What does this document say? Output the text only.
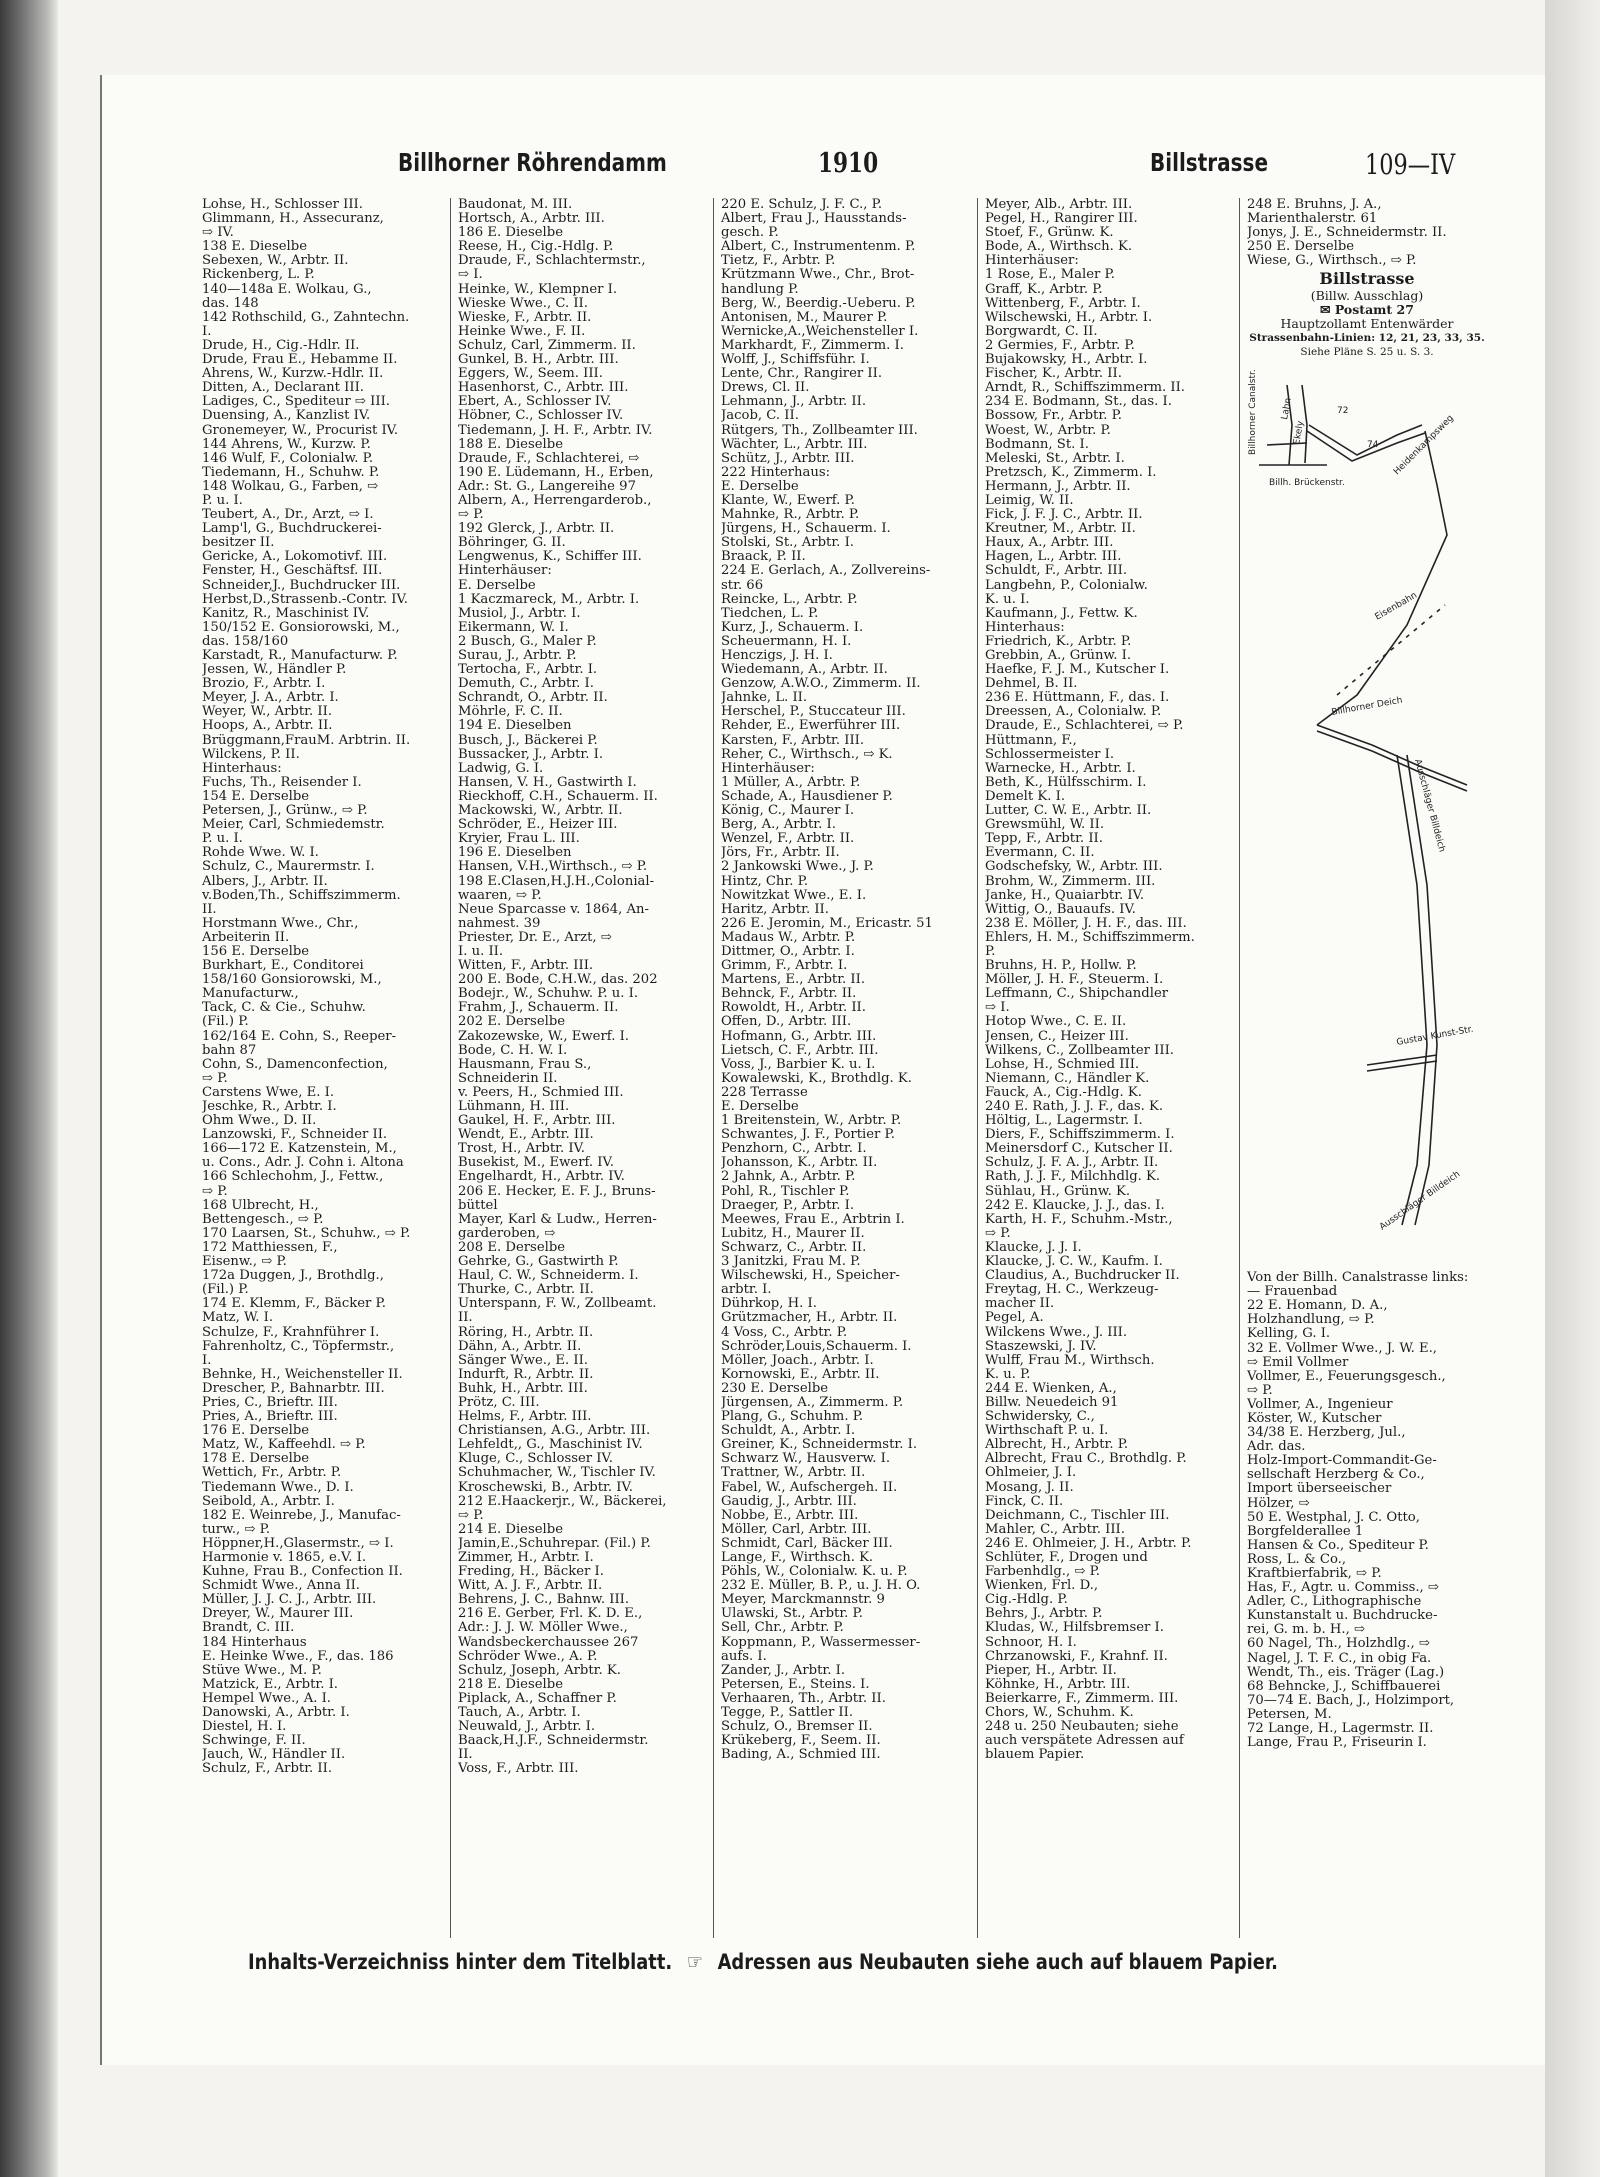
Billhorner Röhrendamm	1910	Billstrasse	109—IV
Lohse, H., Schlosser III.
Glimmann, H., Assecuranz,
⇨ IV.
138 E. Dieselbe
Sebexen, W., Arbtr. II.
Rickenberg, L. P.
140—148a E. Wolkau, G.,
das. 148
142 Rothschild, G., Zahntechn.
I.
Drude, H., Cig.-Hdlr. II.
Drude, Frau E., Hebamme II.
Ahrens, W., Kurzw.-Hdlr. II.
Ditten, A., Declarant III.
Ladiges, C., Spediteur ⇨ III.
Duensing, A., Kanzlist IV.
Gronemeyer, W., Procurist IV.
144 Ahrens, W., Kurzw. P.
146 Wulf, F., Colonialw. P.
Tiedemann, H., Schuhw. P.
148 Wolkau, G., Farben, ⇨
P. u. I.
Teubert, A., Dr., Arzt, ⇨ I.
Lamp'l, G., Buchdruckerei-
besitzer II.
Gericke, A., Lokomotivf. III.
Fenster, H., Geschäftsf. III.
Schneider,J., Buchdrucker III.
Herbst,D.,Strassenb.-Contr. IV.
Kanitz, R., Maschinist IV.
150/152 E. Gonsiorowski, M.,
das. 158/160
Karstadt, R., Manufacturw. P.
Jessen, W., Händler P.
Brozio, F., Arbtr. I.
Meyer, J. A., Arbtr. I.
Weyer, W., Arbtr. II.
Hoops, A., Arbtr. II.
Brüggmann,FrauM. Arbtrin. II.
Wilckens, P. II.
Hinterhaus:
Fuchs, Th., Reisender I.
154 E. Derselbe
Petersen, J., Grünw., ⇨ P.
Meier, Carl, Schmiedemstr.
P. u. I.
Rohde Wwe. W. I.
Schulz, C., Maurermstr. I.
Albers, J., Arbtr. II.
v.Boden,Th., Schiffszimmerm.
II.
Horstmann Wwe., Chr.,
Arbeiterin II.
156 E. Derselbe
Burkhart, E., Conditorei
158/160 Gonsiorowski, M.,
Manufacturw.,
Tack, C. & Cie., Schuhw.
(Fil.) P.
162/164 E. Cohn, S., Reeper-
bahn 87
Cohn, S., Damenconfection,
⇨ P.
Carstens Wwe, E. I.
Jeschke, R., Arbtr. I.
Ohm Wwe., D. II.
Lanzowski, F., Schneider II.
166—172 E. Katzenstein, M.,
u. Cons., Adr. J. Cohn i. Altona
166 Schlechohm, J., Fettw.,
⇨ P.
168 Ulbrecht, H.,
Bettengesch., ⇨ P.
170 Laarsen, St., Schuhw., ⇨ P.
172 Matthiessen, F.,
Eisenw., ⇨ P.
172a Duggen, J., Brothdlg.,
(Fil.) P.
174 E. Klemm, F., Bäcker P.
Matz, W. I.
Schulze, F., Krahnführer I.
Fahrenholtz, C., Töpfermstr.,
I.
Behnke, H., Weichensteller II.
Drescher, P., Bahnarbtr. III.
Pries, C., Brieftr. III.
Pries, A., Brieftr. III.
176 E. Derselbe
Matz, W., Kaffeehdl. ⇨ P.
178 E. Derselbe
Wettich, Fr., Arbtr. P.
Tiedemann Wwe., D. I.
Seibold, A., Arbtr. I.
182 E. Weinrebe, J., Manufac-
turw., ⇨ P.
Höppner,H.,Glasermstr., ⇨ I.
Harmonie v. 1865, e.V. I.
Kuhne, Frau B., Confection II.
Schmidt Wwe., Anna II.
Müller, J. J. C. J., Arbtr. III.
Dreyer, W., Maurer III.
Brandt, C. III.
184 Hinterhaus
E. Heinke Wwe., F., das. 186
Stüve Wwe., M. P.
Matzick, E., Arbtr. I.
Hempel Wwe., A. I.
Danowski, A., Arbtr. I.
Diestel, H. I.
Schwinge, F. II.
Jauch, W., Händler II.
Schulz, F., Arbtr. II.
Baudonat, M. III.
Hortsch, A., Arbtr. III.
186 E. Dieselbe
Reese, H., Cig.-Hdlg. P.
Draude, F., Schlachtermstr.,
⇨ I.
Heinke, W., Klempner I.
Wieske Wwe., C. II.
Wieske, F., Arbtr. II.
Heinke Wwe., F. II.
Schulz, Carl, Zimmerm. II.
Gunkel, B. H., Arbtr. III.
Eggers, W., Seem. III.
Hasenhorst, C., Arbtr. III.
Ebert, A., Schlosser IV.
Höbner, C., Schlosser IV.
Tiedemann, J. H. F., Arbtr. IV.
188 E. Dieselbe
Draude, F., Schlachterei, ⇨
190 E. Lüdemann, H., Erben,
Adr.: St. G., Langereihe 97
Albern, A., Herrengarderob.,
⇨ P.
192 Glerck, J., Arbtr. II.
Böhringer, G. II.
Lengwenus, K., Schiffer III.
Hinterhäuser:
E. Derselbe
1 Kaczmareck, M., Arbtr. I.
Musiol, J., Arbtr. I.
Eikermann, W. I.
2 Busch, G., Maler P.
Surau, J., Arbtr. P.
Tertocha, F., Arbtr. I.
Demuth, C., Arbtr. I.
Schrandt, O., Arbtr. II.
Möhrle, F. C. II.
194 E. Dieselben
Busch, J., Bäckerei P.
Bussacker, J., Arbtr. I.
Ladwig, G. I.
Hansen, V. H., Gastwirth I.
Rieckhoff, C.H., Schauerm. II.
Mackowski, W., Arbtr. II.
Schröder, E., Heizer III.
Kryier, Frau L. III.
196 E. Dieselben
Hansen, V.H.,Wirthsch., ⇨ P.
198 E.Clasen,H.J.H.,Colonial-
waaren, ⇨ P.
Neue Sparcasse v. 1864, An-
nahmest. 39
Priester, Dr. E., Arzt, ⇨
I. u. II.
Witten, F., Arbtr. III.
200 E. Bode, C.H.W., das. 202
Bodejr., W., Schuhw. P. u. I.
Frahm, J., Schauerm. II.
202 E. Derselbe
Zakozewske, W., Ewerf. I.
Bode, C. H. W. I.
Hausmann, Frau S.,
Schneiderin II.
v. Peers, H., Schmied III.
Lühmann, H. III.
Gaukel, H. F., Arbtr. III.
Wendt, E., Arbtr. III.
Trost, H., Arbtr. IV.
Busekist, M., Ewerf. IV.
Engelhardt, H., Arbtr. IV.
206 E. Hecker, E. F. J., Bruns-
büttel
Mayer, Karl & Ludw., Herren-
garderoben, ⇨
208 E. Derselbe
Gehrke, G., Gastwirth P.
Haul, C. W., Schneiderm. I.
Thurke, C., Arbtr. II.
Unterspann, F. W., Zollbeamt.
II.
Röring, H., Arbtr. II.
Dähn, A., Arbtr. II.
Sänger Wwe., E. II.
Indurft, R., Arbtr. II.
Buhk, H., Arbtr. III.
Prötz, C. III.
Helms, F., Arbtr. III.
Christiansen, A.G., Arbtr. III.
Lehfeldt,, G., Maschinist IV.
Kluge, C., Schlosser IV.
Schuhmacher, W., Tischler IV.
Kroschewski, B., Arbtr. IV.
212 E.Haackerjr., W., Bäckerei,
⇨ P.
214 E. Dieselbe
Jamin,E.,Schuhrepar. (Fil.) P.
Zimmer, H., Arbtr. I.
Freding, H., Bäcker I.
Witt, A. J. F., Arbtr. II.
Behrens, J. C., Bahnw. III.
216 E. Gerber, Frl. K. D. E.,
Adr.: J. J. W. Möller Wwe.,
Wandsbeckerchaussee 267
Schröder Wwe., A. P.
Schulz, Joseph, Arbtr. K.
218 E. Dieselbe
Piplack, A., Schaffner P.
Tauch, A., Arbtr. I.
Neuwald, J., Arbtr. I.
Baack,H.J.F., Schneidermstr.
II.
Voss, F., Arbtr. III.
220 E. Schulz, J. F. C., P.
Albert, Frau J., Hausstands-
gesch. P.
Albert, C., Instrumentenm. P.
Tietz, F., Arbtr. P.
Krützmann Wwe., Chr., Brot-
handlung P.
Berg, W., Beerdig.-Ueberu. P.
Antonisen, M., Maurer P.
Wernicke,A.,Weichensteller I.
Markhardt, F., Zimmerm. I.
Wolff, J., Schiffsführ. I.
Lente, Chr., Rangirer II.
Drews, Cl. II.
Lehmann, J., Arbtr. II.
Jacob, C. II.
Rütgers, Th., Zollbeamter III.
Wächter, L., Arbtr. III.
Schütz, J., Arbtr. III.
222 Hinterhaus:
E. Derselbe
Klante, W., Ewerf. P.
Mahnke, R., Arbtr. P.
Jürgens, H., Schauerm. I.
Stolski, St., Arbtr. I.
Braack, P. II.
224 E. Gerlach, A., Zollvereins-
str. 66
Reincke, L., Arbtr. P.
Tiedchen, L. P.
Kurz, J., Schauerm. I.
Scheuermann, H. I.
Henczigs, J. H. I.
Wiedemann, A., Arbtr. II.
Genzow, A.W.O., Zimmerm. II.
Jahnke, L. II.
Herschel, P., Stuccateur III.
Rehder, E., Ewerführer III.
Karsten, F., Arbtr. III.
Reher, C., Wirthsch., ⇨ K.
Hinterhäuser:
1 Müller, A., Arbtr. P.
Schade, A., Hausdiener P.
König, C., Maurer I.
Berg, A., Arbtr. I.
Wenzel, F., Arbtr. II.
Jörs, Fr., Arbtr. II.
2 Jankowski Wwe., J. P.
Hintz, Chr. P.
Nowitzkat Wwe., E. I.
Haritz, Arbtr. II.
226 E. Jeromin, M., Ericastr. 51
Madaus W., Arbtr. P.
Dittmer, O., Arbtr. I.
Grimm, F., Arbtr. I.
Martens, E., Arbtr. II.
Behnck, F., Arbtr. II.
Rowoldt, H., Arbtr. II.
Offen, D., Arbtr. III.
Hofmann, G., Arbtr. III.
Lietsch, C. F., Arbtr. III.
Voss, J., Barbier K. u. I.
Kowalewski, K., Brothdlg. K.
228 Terrasse
E. Derselbe
1 Breitenstein, W., Arbtr. P.
Schwantes, J. F., Portier P.
Penzhorn, C., Arbtr. I.
Johansson, K., Arbtr. II.
2 Jahnk, A., Arbtr. P.
Pohl, R., Tischler P.
Draeger, P., Arbtr. I.
Meewes, Frau E., Arbtrin I.
Lubitz, H., Maurer II.
Schwarz, C., Arbtr. II.
3 Janitzki, Frau M. P.
Wilschewski, H., Speicher-
arbtr. I.
Dührkop, H. I.
Grützmacher, H., Arbtr. II.
4 Voss, C., Arbtr. P.
Schröder,Louis,Schauerm. I.
Möller, Joach., Arbtr. I.
Kornowski, E., Arbtr. II.
230 E. Derselbe
Jürgensen, A., Zimmerm. P.
Plang, G., Schuhm. P.
Schuldt, A., Arbtr. I.
Greiner, K., Schneidermstr. I.
Schwarz W., Hausverw. I.
Trattner, W., Arbtr. II.
Fabel, W., Aufschergeh. II.
Gaudig, J., Arbtr. III.
Nobbe, E., Arbtr. III.
Möller, Carl, Arbtr. III.
Schmidt, Carl, Bäcker III.
Lange, F., Wirthsch. K.
Pöhls, W., Colonialw. K. u. P.
232 E. Müller, B. P., u. J. H. O.
Meyer, Marckmannstr. 9
Ulawski, St., Arbtr. P.
Sell, Chr., Arbtr. P.
Koppmann, P., Wassermesser-
aufs. I.
Zander, J., Arbtr. I.
Petersen, E., Steins. I.
Verhaaren, Th., Arbtr. II.
Tegge, P., Sattler II.
Schulz, O., Bremser II.
Krükeberg, F., Seem. II.
Bading, A., Schmied III.
Meyer, Alb., Arbtr. III.
Pegel, H., Rangirer III.
Stoef, F., Grünw. K.
Bode, A., Wirthsch. K.
Hinterhäuser:
1 Rose, E., Maler P.
Graff, K., Arbtr. P.
Wittenberg, F., Arbtr. I.
Wilschewski, H., Arbtr. I.
Borgwardt, C. II.
2 Germies, F., Arbtr. P.
Bujakowsky, H., Arbtr. I.
Fischer, K., Arbtr. II.
Arndt, R., Schiffszimmerm. II.
234 E. Bodmann, St., das. I.
Bossow, Fr., Arbtr. P.
Woest, W., Arbtr. P.
Bodmann, St. I.
Meleski, St., Arbtr. I.
Pretzsch, K., Zimmerm. I.
Hermann, J., Arbtr. II.
Leimig, W. II.
Fick, J. F. J. C., Arbtr. II.
Kreutner, M., Arbtr. II.
Haux, A., Arbtr. III.
Hagen, L., Arbtr. III.
Schuldt, F., Arbtr. III.
Langbehn, P., Colonialw.
K. u. I.
Kaufmann, J., Fettw. K.
Hinterhaus:
Friedrich, K., Arbtr. P.
Grebbin, A., Grünw. I.
Haefke, F. J. M., Kutscher I.
Dehmel, B. II.
236 E. Hüttmann, F., das. I.
Dreessen, A., Colonialw. P.
Draude, E., Schlachterei, ⇨ P.
Hüttmann, F.,
Schlossermeister I.
Warnecke, H., Arbtr. I.
Beth, K., Hülfsschirm. I.
Demelt K. I.
Lutter, C. W. E., Arbtr. II.
Grewsmühl, W. II.
Tepp, F., Arbtr. II.
Evermann, C. II.
Godschefsky, W., Arbtr. III.
Brohm, W., Zimmerm. III.
Janke, H., Quaiarbtr. IV.
Wittig, O., Bauaufs. IV.
238 E. Möller, J. H. F., das. III.
Ehlers, H. M., Schiffszimmerm.
P.
Bruhns, H. P., Hollw. P.
Möller, J. H. F., Steuerm. I.
Leffmann, C., Shipchandler
⇨ I.
Hotop Wwe., C. E. II.
Jensen, C., Heizer III.
Wilkens, C., Zollbeamter III.
Lohse, H., Schmied III.
Niemann, C., Händler K.
Fauck, A., Cig.-Hdlg. K.
240 E. Rath, J. J. F., das. K.
Höltig, L., Lagermstr. I.
Diers, F., Schiffszimmerm. I.
Meinersdorf C., Kutscher II.
Schulz, J. F. A. J., Arbtr. II.
Rath, J. J. F., Milchhdlg. K.
Sühlau, H., Grünw. K.
242 E. Klaucke, J. J., das. I.
Karth, H. F., Schuhm.-Mstr.,
⇨ P.
Klaucke, J. J. I.
Klaucke, J. C. W., Kaufm. I.
Claudius, A., Buchdrucker II.
Freytag, H. C., Werkzeug-
macher II.
Pegel, A.
Wilckens Wwe., J. III.
Staszewski, J. IV.
Wulff, Frau M., Wirthsch.
K. u. P.
244 E. Wienken, A.,
Billw. Neuedeich 91
Schwidersky, C.,
Wirthschaft P. u. I.
Albrecht, H., Arbtr. P.
Albrecht, Frau C., Brothdlg. P.
Ohlmeier, J. I.
Mosang, J. II.
Finck, C. II.
Deichmann, C., Tischler III.
Mahler, C., Arbtr. III.
246 E. Ohlmeier, J. H., Arbtr. P.
Schlüter, F., Drogen und
Farbenhdlg., ⇨ P.
Wienken, Frl. D.,
Cig.-Hdlg. P.
Behrs, J., Arbtr. P.
Kludas, W., Hilfsbremser I.
Schnoor, H. I.
Chrzanowski, F., Krahnf. II.
Pieper, H., Arbtr. II.
Köhnke, H., Arbtr. III.
Beierkarre, F., Zimmerm. III.
Chors, W., Schuhm. K.
248 u. 250 Neubauten; siehe
auch verspätete Adressen auf
blauem Papier.
248 E. Bruhns, J. A.,
Marienthalerstr. 61
Jonys, J. E., Schneidermstr. II.
250 E. Derselbe
Wiese, G., Wirthsch., ⇨ P.
Billstrasse
(Billw. Ausschlag)
✉ Postamt 27
Hauptzollamt Entenwärder
Strassenbahn-Linien: 12, 21, 23, 33, 35.
Siehe Pläne S. 25 u. S. 3.
Billhorner Canalstr. Lahn
Billh. Brückenstr.
Ekely	Heidenkampsweg
72
74
Eisenbahn
Billhorner Deich
Ausschläger Billdeich
Gustav Kunst-Str.
Ausschläger Billdeich
Von der Billh. Canalstrasse links:
— Frauenbad
22 E. Homann, D. A.,
Holzhandlung, ⇨ P.
Kelling, G. I.
32 E. Vollmer Wwe., J. W. E.,
⇨ Emil Vollmer
Vollmer, E., Feuerungsgesch.,
⇨ P.
Vollmer, A., Ingenieur
Köster, W., Kutscher
34/38 E. Herzberg, Jul.,
Adr. das.
Holz-Import-Commandit-Ge-
sellschaft Herzberg & Co.,
Import überseeischer
Hölzer, ⇨
50 E. Westphal, J. C. Otto,
Borgfelderallee 1
Hansen & Co., Spediteur P.
Ross, L. & Co.,
Kraftbierfabrik, ⇨ P.
Has, F., Agtr. u. Commiss., ⇨
Adler, C., Lithographische
Kunstanstalt u. Buchdrucke-
rei, G. m. b. H., ⇨
60 Nagel, Th., Holzhdlg., ⇨
Nagel, J. T. F. C., in obig Fa.
Wendt, Th., eis. Träger (Lag.)
68 Behncke, J., Schiffbauerei
70—74 E. Bach, J., Holzimport,
Petersen, M.
72 Lange, H., Lagermstr. II.
Lange, Frau P., Friseurin I.
Inhalts-Verzeichniss hinter dem Titelblatt. ☞ Adressen aus Neubauten siehe auch auf blauem Papier.
